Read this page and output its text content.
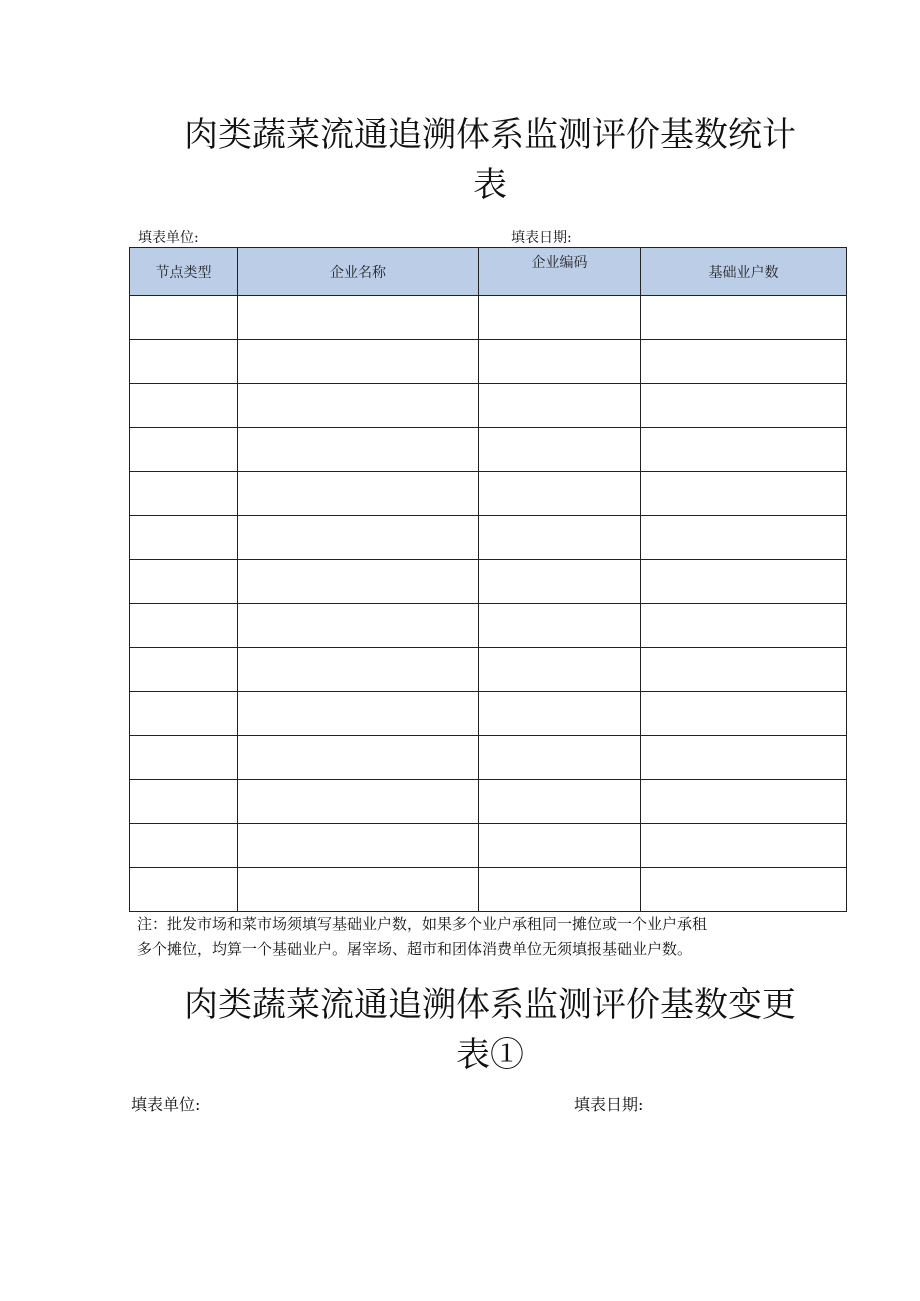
肉类蔬菜流通追溯体系监测评价基数统计
表
填表单位:	填表日期:
节点类型	企业名称	企业编码	基础业户数

注：批发市场和菜市场须填写基础业户数，如果多个业户承租同一摊位或一个业户承租
多个摊位，均算一个基础业户。屠宰场、超市和团体消费单位无须填报基础业户数。
肉类蔬菜流通追溯体系监测评价基数变更
表①
填表单位:	填表日期:
